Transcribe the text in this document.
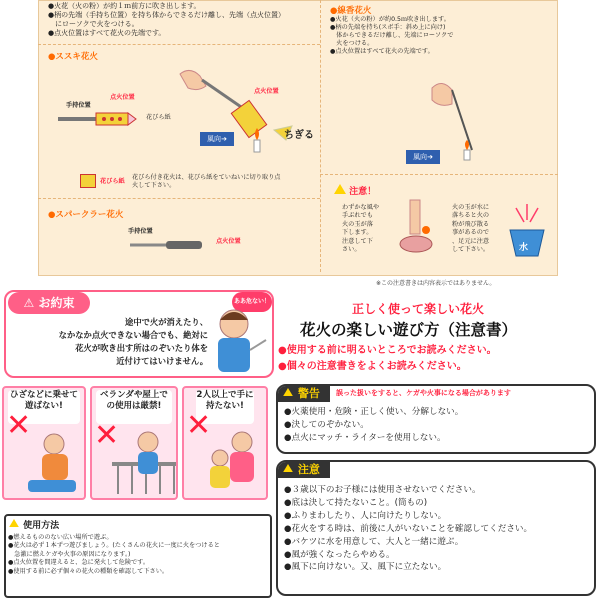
●火花（火の粉）が約１ｍ前方に吹き出します。
●柄の先端（手持ち位置）を持ち体からできるだけ離し、先端（点火位置）
　にローソクで火をつける。
●点火位置はすべて花火の先端です。
●ススキ花火
手持位置
点火位置
花びら紙
点火位置
ちぎる
風向➔
花びら紙
花びら付き花火は、花びら紙をていねいに切り取り点火して下さい。
●スパークラー花火
手持位置
点火位置
●線香花火
●火花（火の粉）が約0.5ｍ吹き出します。
●柄の先端を持ち(スボ手：斜め上に向け)
　体からできるだけ離し、先端にローソクで
　火をつける。
●点火位置はすべて花火の先端です。
風向➔
注意！
わずかな風や
手ぶれでも
火の玉が落
下します。
注意して下
さい。
火の玉が水に
落ちると火の
粉が飛び散る
事があるので
、足元に注意
して下さい。	水
※この注意書きは内容表示ではありません。
⚠ お約束
途中で火が消えたり、
なかなか点火できない場合でも、絶対に
花火が吹き出す所はのぞいたり体を
近付けてはいけません。
ああ危ない！
正しく使って楽しい花火
花火の楽しい遊び方（注意書）
●使用する前に明るいところでお読みください。
●個々の注意書きをよくお読みください。
ひざなどに乗せて遊ばない!
ベランダや屋上での使用は厳禁!
2人以上で手に持たない!
✕ ✕ ✕
使用方法
●燃えるもののない広い場所で遊ぶ。
●花火は必ず１本ずつ遊びましょう。(たくさんの花火に一度に火をつけると
　急激に燃えケガや火事の原因になります。)
●点火位置を間違えると、急に発火して危険です。
●使用する前に必ず個々の花火の種類を確認して下さい。
警告	誤った扱いをすると、ケガや火事になる場合があります
●火薬使用・危険・正しく使い、分解しない。
●決してのぞかない。
●点火にマッチ・ライターを使用しない。
注意
●３歳以下のお子様には使用させないでください。
●底は決して持たないこと。(筒もの)
●ふりまわしたり、人に向けたりしない。
●花火をする時は、前後に人がいないことを確認してください。
●バケツに水を用意して、大人と一緒に遊ぶ。
●風が強くなったらやめる。
●風下に向けない。又、風下に立たない。
